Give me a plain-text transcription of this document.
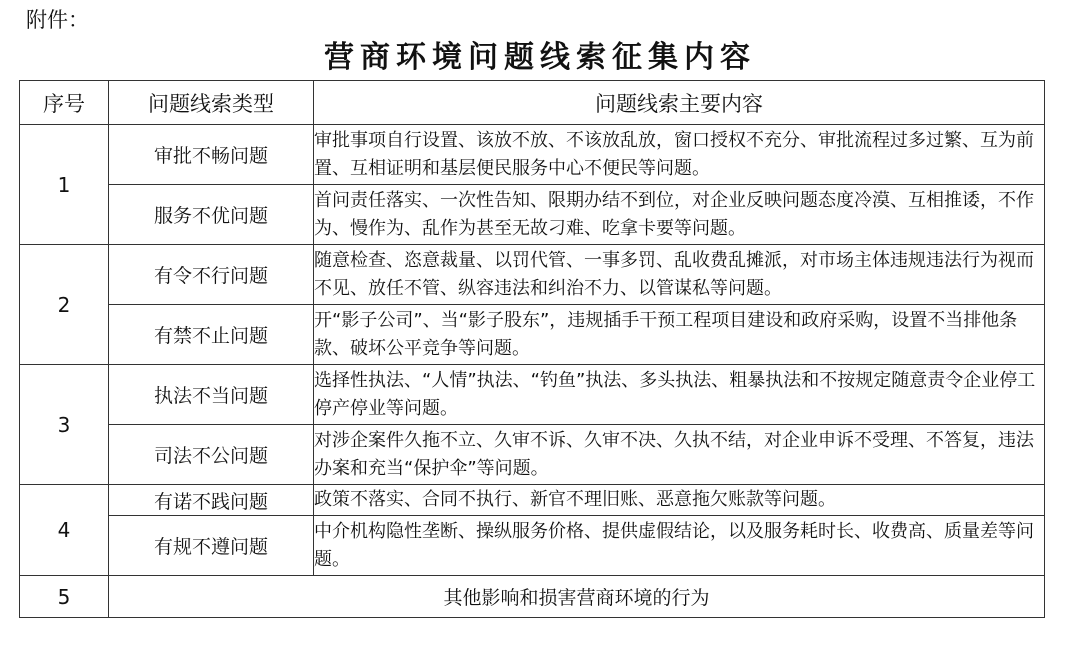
附件：
营商环境问题线索征集内容
序号	问题线索类型	问题线索主要内容
1	审批不畅问题	审批事项自行设置、该放不放、不该放乱放，窗口授权不充分、审批流程过多过繁、互为前置、互相证明和基层便民服务中心不便民等问题。
	服务不优问题	首问责任落实、一次性告知、限期办结不到位，对企业反映问题态度冷漠、互相推诿，不作为、慢作为、乱作为甚至无故刁难、吃拿卡要等问题。
2	有令不行问题	随意检查、恣意裁量、以罚代管、一事多罚、乱收费乱摊派，对市场主体违规违法行为视而不见、放任不管、纵容违法和纠治不力、以管谋私等问题。
	有禁不止问题	开“影子公司”、当“影子股东”，违规插手干预工程项目建设和政府采购，设置不当排他条款、破坏公平竞争等问题。
3	执法不当问题	选择性执法、“人情”执法、“钓鱼”执法、多头执法、粗暴执法和不按规定随意责令企业停工停产停业等问题。
	司法不公问题	对涉企案件久拖不立、久审不诉、久审不决、久执不结，对企业申诉不受理、不答复，违法办案和充当“保护伞”等问题。
4	有诺不践问题	政策不落实、合同不执行、新官不理旧账、恶意拖欠账款等问题。
	有规不遵问题	中介机构隐性垄断、操纵服务价格、提供虚假结论，以及服务耗时长、收费高、质量差等问题。
5	其他影响和损害营商环境的行为	
